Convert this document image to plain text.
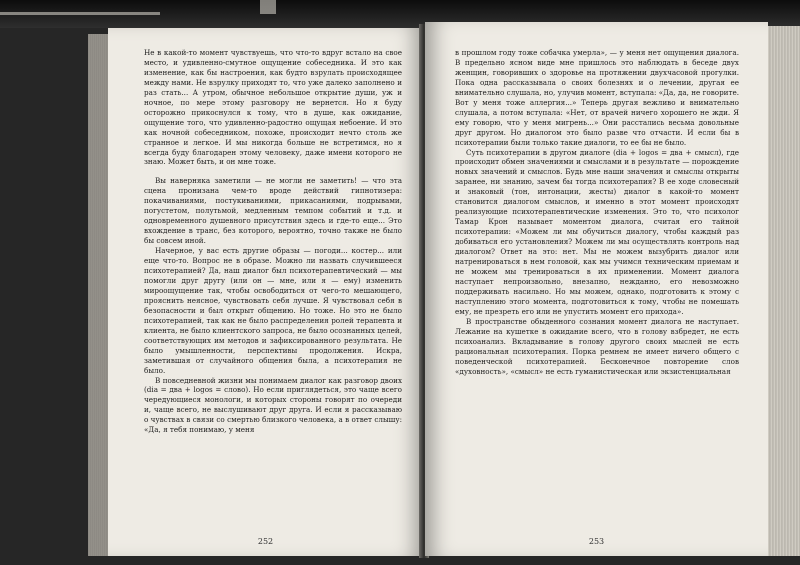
Не в какой-то момент чувствуешь, что что-то вдруг встало на свое место, и удивленно-смутное ощущение собеседника. И это как изменение, как бы настроения, как будто взрулать происходящее между нами. Не взрулку приходят то, что уже далеко заполнено и раз стать... А утром, обычное небольшое открытие души, уж и ночное, по мере этому разговору не вернется. Но я буду осторожно прикоснулся к тому, что в душе, как ожидание, ощущение того, что удивленно-радостно ощущая небоение. И это как ночной собеседником, похоже, происходит нечто столь же странное и легкое. И мы никогда больше не встретимся, но я всегда буду благодарен этому человеку, даже имени которого не знаю. Может быть, и он мне тоже.

Вы наверняка заметили — не могли не заметить! — что эта сцена пронизана чем-то вроде действий гипнотизера: покачиваниями, постукиваниями, прикасаниями, подрывами, погустетом, полутьмой, медленным темпом событий и т.д. и одновременного душевного присутствия здесь и где-то еще... Это вхождение в транс, без которого, вероятно, точно также не было бы совсем иной.

Начерное, у вас есть другие образы — погоди... костер... или еще что-то. Вопрос не в образе. Можно ли назвать случившееся психотерапией? Да, наш диалог был психотерапевтический — мы помогли друг другу (или он — мне, или я — ему) изменить мироощущение так, чтобы освободиться от чего-то мешающего, прояснить неясное, чувствовать себя лучше. Я чувствовал себя в безопасности и был открыт общению. Но тоже. Но это не было психотерапией, так как не было распределения ролей терапевта и клиента, не было клиентского запроса, не было осознанных целей, соответствующих им методов и зафиксированного результата. Не было умышленности, перспективы продолжения. Искра, заметившая от случайного общения была, а психотерапия не было.

В повседневной жизни мы понимаем диалог как разговор двоих (dia = два + logos = слово). Но если приглядеться, это чаще всего чередующиеся монологи, и которых стороны говорят по очереди и, чаще всего, не выслушивают друг друга. И если я рассказываю о чувствах в связи со смертью близкого человека, а в ответ слышу: «Да, я тебя понимаю, у меня

252

в прошлом году тоже собачка умерла», — у меня нет ощущения диалога. В предельно ясном виде мне пришлось это наблюдать в беседе двух женщин, говоривших о здоровье на протяжении двухчасовой прогулки. Пока одна рассказывала о своих болезнях и о лечении, другая ее внимательно слушала, но, улучив момент, вступала: «Да, да, не говорите. Вот у меня тоже аллергия...» Теперь другая вежливо и внимательно слушала, а потом вступала: «Нет, от врачей ничего хорошего не жди. Я ему говорю, что у меня мигрень...» Они расстались весьма довольные друг другом. Но диалогом это было разве что отчасти. И если бы в психотерапии были только такие диалоги, то ее бы не было.

Суть психотерапии в другом диалоге (dia + logos = два + смысл), где происходит обмен значениями и смыслами и в результате — порождение новых значений и смыслов. Будь мне наши значения и смыслы открыты заранее, ни знанию, зачем бы тогда психотерапия? В ее ходе словесный и знаковый (тон, интонации, жесты) диалог в какой-то момент становится диалогом смыслов, и именно в этот момент происходят реализующие психотерапевтические изменения. Это то, что психолог Тамар Крон называет моментом диалога, считая его тайной психотерапии: «Можем ли мы обучиться диалогу, чтобы каждый раз добиваться его установления? Можем ли мы осуществлять контроль над диалогом? Ответ на это: нет. Мы не можем вызубрить диалог или натренироваться в нем головой, как мы учимся техническим приемам и не можем мы тренироваться в их применении. Момент диалога наступает непроизвольно, внезапно, нежданно, его невозможно поддерживать насильно. Но мы можем, однако, подготовить к этому с наступлению этого момента, подготовиться к тому, чтобы не помешать ему, не презреть его или не упустить момент его прихода».

В пространстве обыденного сознания момент диалога не наступает. Лежание на кушетке в ожидание всего, что в голову взбредет, не есть психоанализ. Вкладывание в голову другого своих мыслей не есть рациональная психотерапия. Порка ремнем не имеет ничего общего с поведенческой психотерапией. Бесконечное повторение слов «духовность», «смысл» не есть гуманистическая или экзистенциальная

253
